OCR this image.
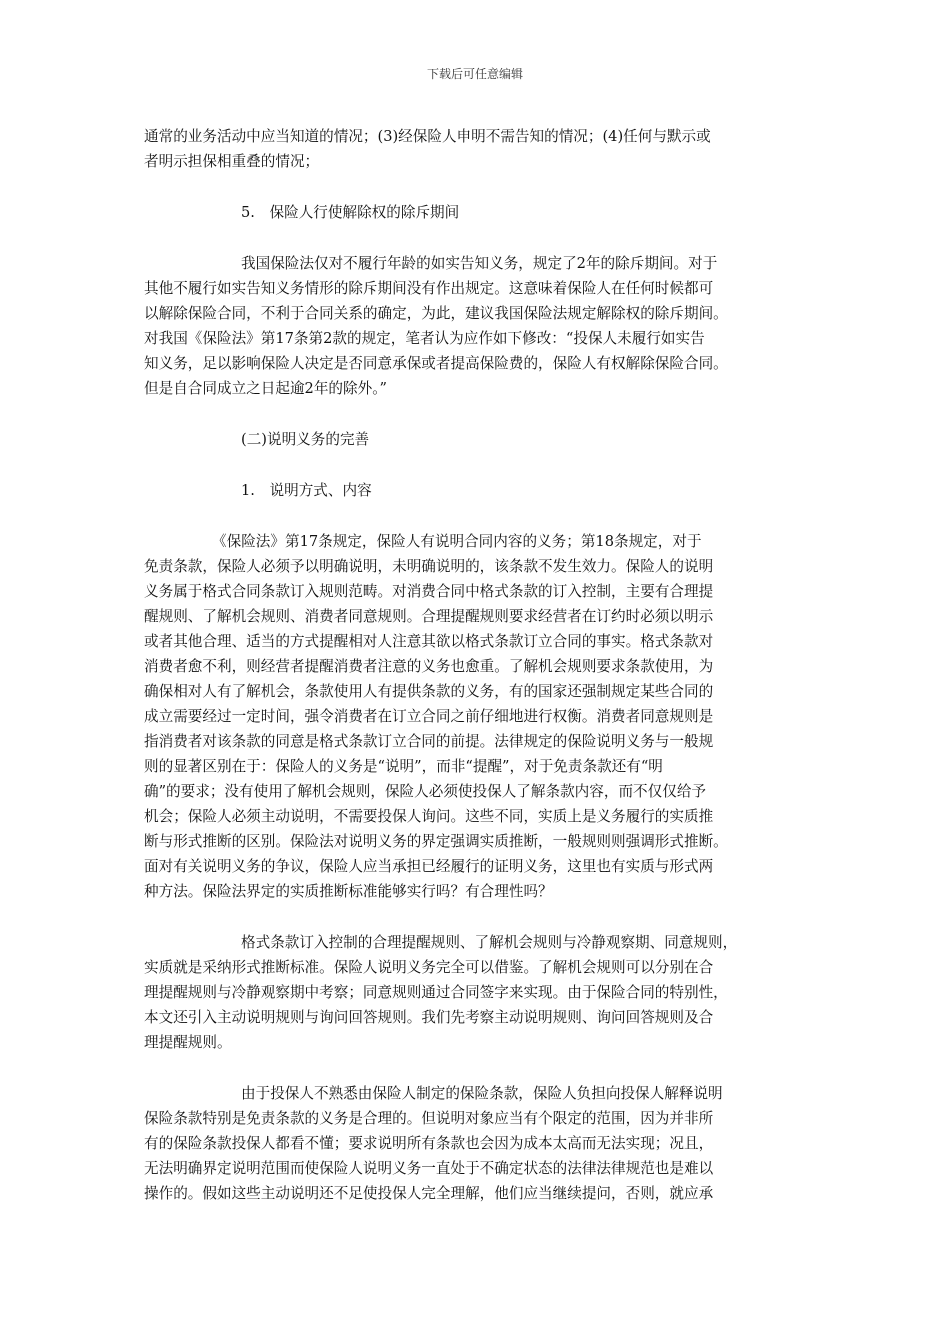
下载后可任意编辑
通常的业务活动中应当知道的情况；(3)经保险人申明不需告知的情况；(4)任何与默示或
者明示担保相重叠的情况；
5.　保险人行使解除权的除斥期间
我国保险法仅对不履行年龄的如实告知义务，规定了2年的除斥期间。对于
其他不履行如实告知义务情形的除斥期间没有作出规定。这意味着保险人在任何时候都可
以解除保险合同，不利于合同关系的确定，为此，建议我国保险法规定解除权的除斥期间。
对我国《保险法》第17条第2款的规定，笔者认为应作如下修改：“投保人未履行如实告
知义务，足以影响保险人决定是否同意承保或者提高保险费的，保险人有权解除保险合同。
但是自合同成立之日起逾2年的除外。”
(二)说明义务的完善
1.　说明方式、内容
《保险法》第17条规定，保险人有说明合同内容的义务；第18条规定，对于
免责条款，保险人必须予以明确说明，未明确说明的，该条款不发生效力。保险人的说明
义务属于格式合同条款订入规则范畴。对消费合同中格式条款的订入控制，主要有合理提
醒规则、了解机会规则、消费者同意规则。合理提醒规则要求经营者在订约时必须以明示
或者其他合理、适当的方式提醒相对人注意其欲以格式条款订立合同的事实。格式条款对
消费者愈不利，则经营者提醒消费者注意的义务也愈重。了解机会规则要求条款使用，为
确保相对人有了解机会，条款使用人有提供条款的义务，有的国家还强制规定某些合同的
成立需要经过一定时间，强令消费者在订立合同之前仔细地进行权衡。消费者同意规则是
指消费者对该条款的同意是格式条款订立合同的前提。法律规定的保险说明义务与一般规
则的显著区别在于：保险人的义务是“说明”，而非“提醒”，对于免责条款还有“明
确”的要求；没有使用了解机会规则，保险人必须使投保人了解条款内容，而不仅仅给予
机会；保险人必须主动说明，不需要投保人询问。这些不同，实质上是义务履行的实质推
断与形式推断的区别。保险法对说明义务的界定强调实质推断，一般规则则强调形式推断。
面对有关说明义务的争议，保险人应当承担已经履行的证明义务，这里也有实质与形式两
种方法。保险法界定的实质推断标准能够实行吗？有合理性吗？
格式条款订入控制的合理提醒规则、了解机会规则与冷静观察期、同意规则，
实质就是采纳形式推断标准。保险人说明义务完全可以借鉴。了解机会规则可以分别在合
理提醒规则与冷静观察期中考察；同意规则通过合同签字来实现。由于保险合同的特别性，
本文还引入主动说明规则与询问回答规则。我们先考察主动说明规则、询问回答规则及合
理提醒规则。
由于投保人不熟悉由保险人制定的保险条款，保险人负担向投保人解释说明
保险条款特别是免责条款的义务是合理的。但说明对象应当有个限定的范围，因为并非所
有的保险条款投保人都看不懂；要求说明所有条款也会因为成本太高而无法实现；况且，
无法明确界定说明范围而使保险人说明义务一直处于不确定状态的法律法律规范也是难以
操作的。假如这些主动说明还不足使投保人完全理解，他们应当继续提问，否则，就应承
